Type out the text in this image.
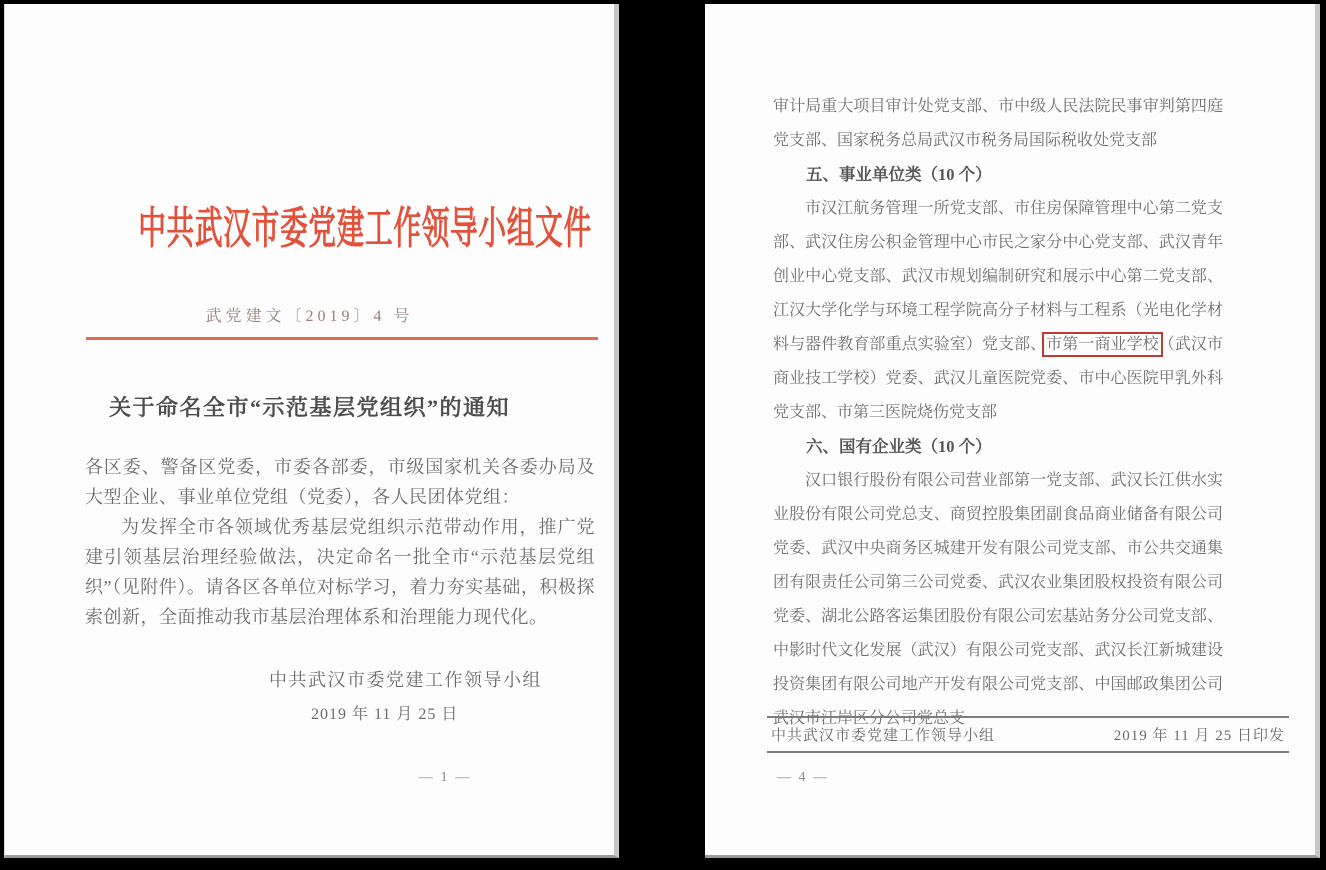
中共武汉市委党建工作领导小组文件
武党建文〔2019〕4 号
关于命名全市“示范基层党组织”的通知

各区委、警备区党委，市委各部委，市级国家机关各委办局及大型企业、事业单位党组（党委），各人民团体党组：

为发挥全市各领域优秀基层党组织示范带动作用，推广党建引领基层治理经验做法，决定命名一批全市“示范基层党组织”（见附件）。请各区各单位对标学习，着力夯实基础，积极探索创新，全面推动我市基层治理体系和治理能力现代化。

中共武汉市委党建工作领导小组
2019 年 11 月 25 日
— 1 —

审计局重大项目审计处党支部、市中级人民法院民事审判第四庭党支部、国家税务总局武汉市税务局国际税收处党支部

五、事业单位类（10 个）

市汉江航务管理一所党支部、市住房保障管理中心第二党支部、武汉住房公积金管理中心市民之家分中心党支部、武汉青年创业中心党支部、武汉市规划编制研究和展示中心第二党支部、江汉大学化学与环境工程学院高分子材料与工程系（光电化学材料与器件教育部重点实验室）党支部、市第一商业学校（武汉市商业技工学校）党委、武汉儿童医院党委、市中心医院甲乳外科党支部、市第三医院烧伤党支部

六、国有企业类（10 个）

汉口银行股份有限公司营业部第一党支部、武汉长江供水实业股份有限公司党总支、商贸控股集团副食品商业储备有限公司党委、武汉中央商务区城建开发有限公司党支部、市公共交通集团有限责任公司第三公司党委、武汉农业集团股权投资有限公司党委、湖北公路客运集团股份有限公司宏基站务分公司党支部、中影时代文化发展（武汉）有限公司党支部、武汉长江新城建设投资集团有限公司地产开发有限公司党支部、中国邮政集团公司武汉市江岸区分公司党总支

中共武汉市委党建工作领导小组	2019 年 11 月 25 日印发
— 4 —
